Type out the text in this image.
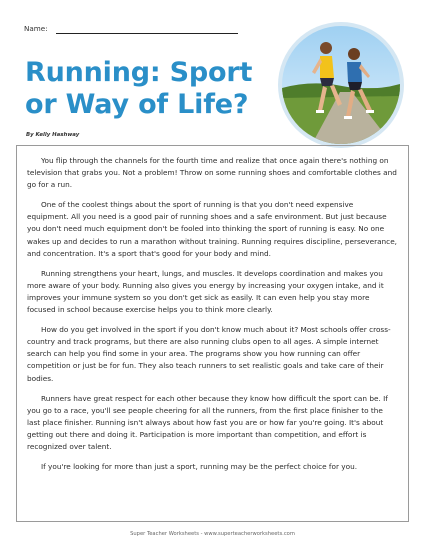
Name:
Running: Sport
or Way of Life?
By Kelly Hashway

You flip through the channels for the fourth time and realize that once again there's nothing on television that grabs you. Not a problem! Throw on some running shoes and comfortable clothes and go for a run.

One of the coolest things about the sport of running is that you don't need expensive equipment. All you need is a good pair of running shoes and a safe environment. But just because you don't need much equipment don't be fooled into thinking the sport of running is easy. No one wakes up and decides to run a marathon without training. Running requires discipline, perseverance, and concentration. It's a sport that's good for your body and mind.

Running strengthens your heart, lungs, and muscles. It develops coordination and makes you more aware of your body. Running also gives you energy by increasing your oxygen intake, and it improves your immune system so you don't get sick as easily. It can even help you stay more focused in school because exercise helps you to think more clearly.

How do you get involved in the sport if you don't know much about it? Most schools offer cross-country and track programs, but there are also running clubs open to all ages. A simple internet search can help you find some in your area. The programs show you how running can offer competition or just be for fun. They also teach runners to set realistic goals and take care of their bodies.

Runners have great respect for each other because they know how difficult the sport can be. If you go to a race, you'll see people cheering for all the runners, from the first place finisher to the last place finisher. Running isn't always about how fast you are or how far you're going. It's about getting out there and doing it. Participation is more important than competition, and effort is recognized over talent.

If you're looking for more than just a sport, running may be the perfect choice for you.

Super Teacher Worksheets - www.superteacherworksheets.com
